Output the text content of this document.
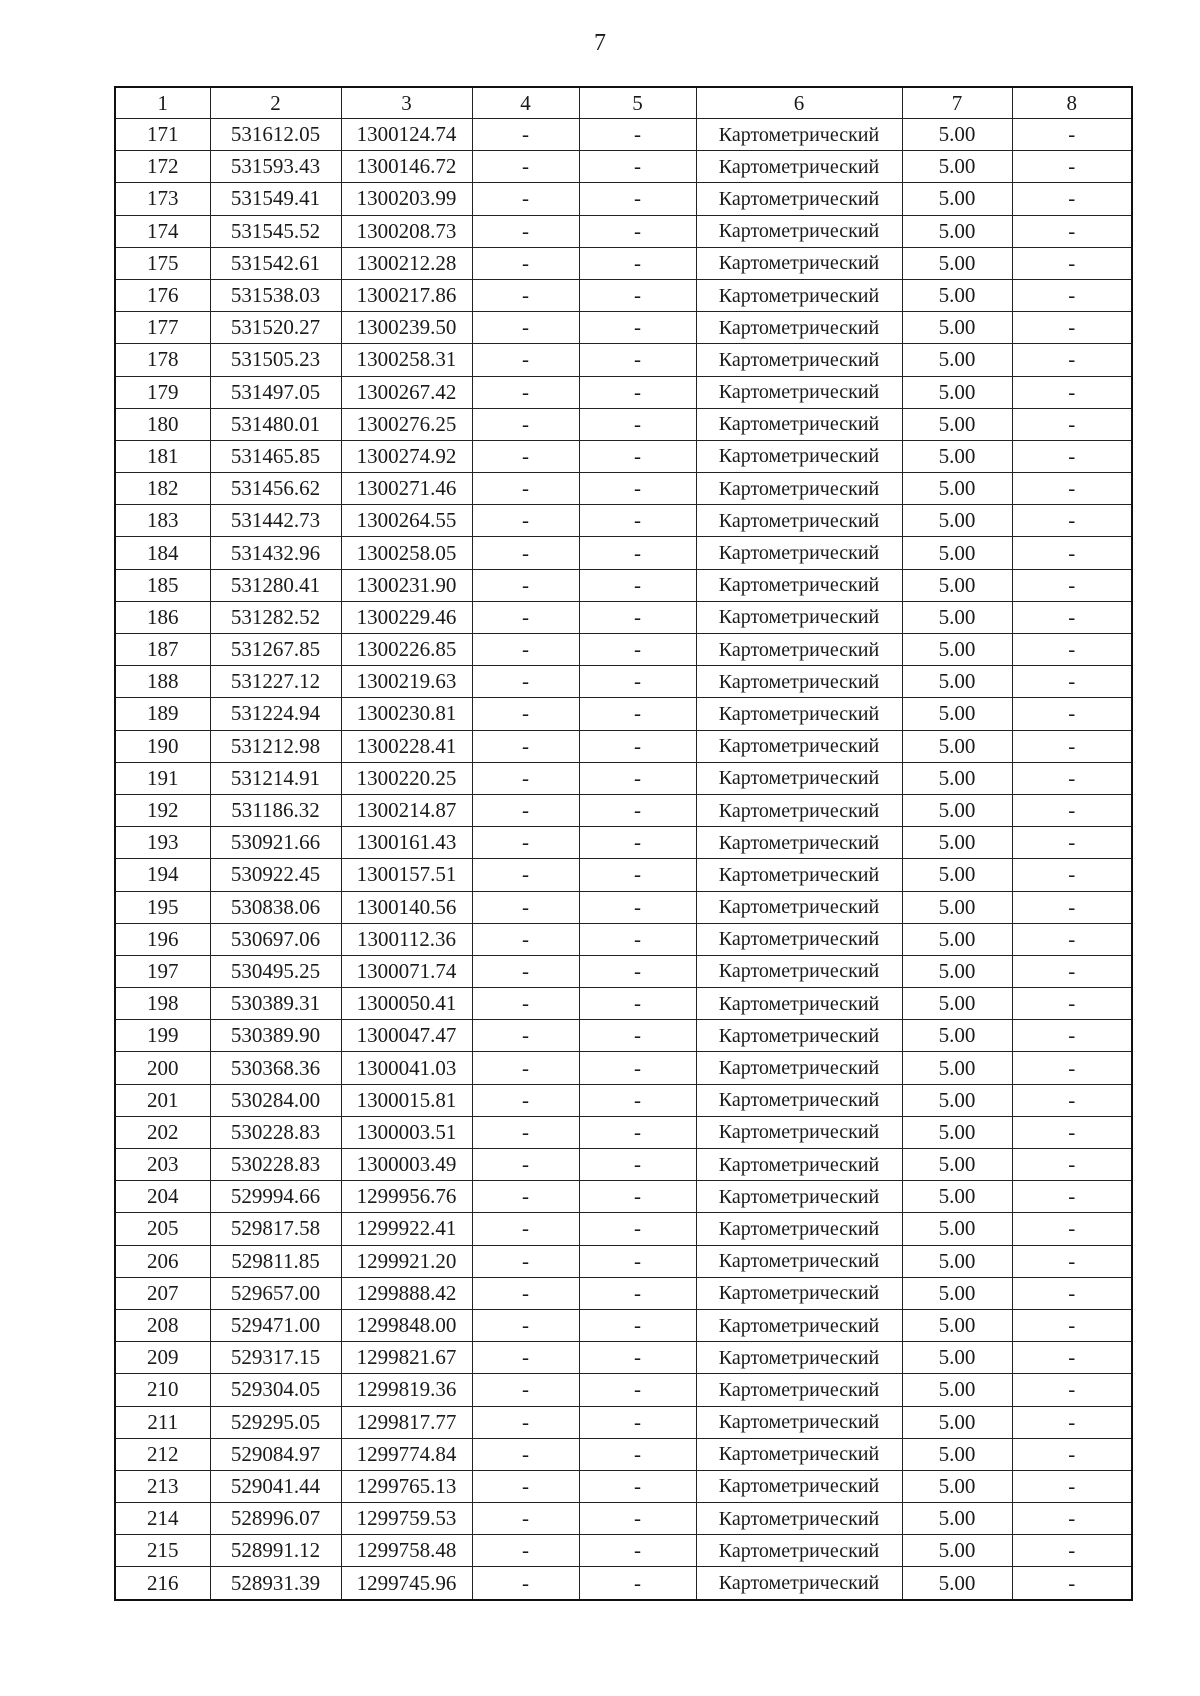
7
1	2	3	4	5	6	7	8
171	531612.05	1300124.74	-	-	Картометрический	5.00	-
172	531593.43	1300146.72	-	-	Картометрический	5.00	-
173	531549.41	1300203.99	-	-	Картометрический	5.00	-
174	531545.52	1300208.73	-	-	Картометрический	5.00	-
175	531542.61	1300212.28	-	-	Картометрический	5.00	-
176	531538.03	1300217.86	-	-	Картометрический	5.00	-
177	531520.27	1300239.50	-	-	Картометрический	5.00	-
178	531505.23	1300258.31	-	-	Картометрический	5.00	-
179	531497.05	1300267.42	-	-	Картометрический	5.00	-
180	531480.01	1300276.25	-	-	Картометрический	5.00	-
181	531465.85	1300274.92	-	-	Картометрический	5.00	-
182	531456.62	1300271.46	-	-	Картометрический	5.00	-
183	531442.73	1300264.55	-	-	Картометрический	5.00	-
184	531432.96	1300258.05	-	-	Картометрический	5.00	-
185	531280.41	1300231.90	-	-	Картометрический	5.00	-
186	531282.52	1300229.46	-	-	Картометрический	5.00	-
187	531267.85	1300226.85	-	-	Картометрический	5.00	-
188	531227.12	1300219.63	-	-	Картометрический	5.00	-
189	531224.94	1300230.81	-	-	Картометрический	5.00	-
190	531212.98	1300228.41	-	-	Картометрический	5.00	-
191	531214.91	1300220.25	-	-	Картометрический	5.00	-
192	531186.32	1300214.87	-	-	Картометрический	5.00	-
193	530921.66	1300161.43	-	-	Картометрический	5.00	-
194	530922.45	1300157.51	-	-	Картометрический	5.00	-
195	530838.06	1300140.56	-	-	Картометрический	5.00	-
196	530697.06	1300112.36	-	-	Картометрический	5.00	-
197	530495.25	1300071.74	-	-	Картометрический	5.00	-
198	530389.31	1300050.41	-	-	Картометрический	5.00	-
199	530389.90	1300047.47	-	-	Картометрический	5.00	-
200	530368.36	1300041.03	-	-	Картометрический	5.00	-
201	530284.00	1300015.81	-	-	Картометрический	5.00	-
202	530228.83	1300003.51	-	-	Картометрический	5.00	-
203	530228.83	1300003.49	-	-	Картометрический	5.00	-
204	529994.66	1299956.76	-	-	Картометрический	5.00	-
205	529817.58	1299922.41	-	-	Картометрический	5.00	-
206	529811.85	1299921.20	-	-	Картометрический	5.00	-
207	529657.00	1299888.42	-	-	Картометрический	5.00	-
208	529471.00	1299848.00	-	-	Картометрический	5.00	-
209	529317.15	1299821.67	-	-	Картометрический	5.00	-
210	529304.05	1299819.36	-	-	Картометрический	5.00	-
211	529295.05	1299817.77	-	-	Картометрический	5.00	-
212	529084.97	1299774.84	-	-	Картометрический	5.00	-
213	529041.44	1299765.13	-	-	Картометрический	5.00	-
214	528996.07	1299759.53	-	-	Картометрический	5.00	-
215	528991.12	1299758.48	-	-	Картометрический	5.00	-
216	528931.39	1299745.96	-	-	Картометрический	5.00	-
